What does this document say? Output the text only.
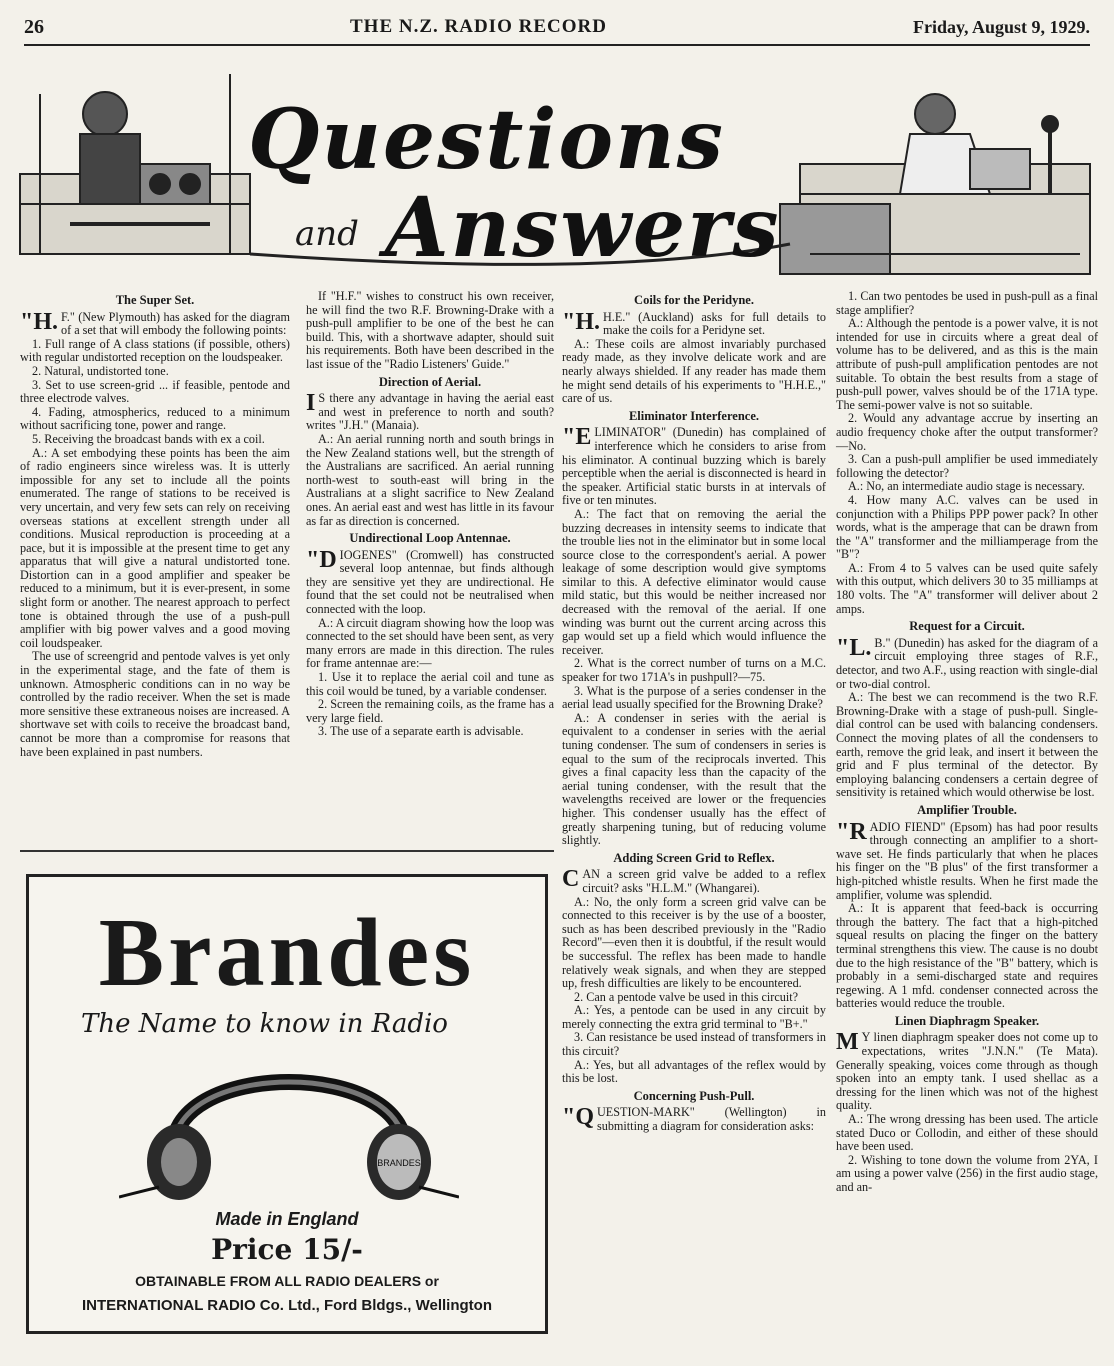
26	THE N.Z. RADIO RECORD	Friday, August 9, 1929.
Questions
and Answers
The Super Set.

"H. F." (New Plymouth) has asked for the diagram of a set that will embody the following points:

1. Full range of A class stations (if possible, others) with regular undistorted reception on the loudspeaker.

2. Natural, undistorted tone.

3. Set to use screen-grid ... if feasible, pentode and three electrode valves.

4. Fading, atmospherics, reduced to a minimum without sacrificing tone, power and range.

5. Receiving the broadcast bands with ex a coil.

A.: A set embodying these points has been the aim of radio engineers since wireless was. It is utterly impossible for any set to include all the points enumerated. The range of stations to be received is very uncertain, and very few sets can rely on receiving overseas stations at excellent strength under all conditions. Musical reproduction is proceeding at a pace, but it is impossible at the present time to get any apparatus that will give a natural undistorted tone. Distortion can in a good amplifier and speaker be reduced to a minimum, but it is ever-present, in some slight form or another. The nearest approach to perfect tone is obtained through the use of a push-pull amplifier with big power valves and a good moving coil loudspeaker.

The use of screengrid and pentode valves is yet only in the experimental stage, and the fate of them is unknown. Atmospheric conditions can in no way be controlled by the radio receiver. When the set is made more sensitive these extraneous noises are increased. A shortwave set with coils to receive the broadcast band, cannot be more than a compromise for reasons that have been explained in past numbers.

If "H.F." wishes to construct his own receiver, he will find the two R.F. Browning-Drake with a push-pull amplifier to be one of the best he can build. This, with a shortwave adapter, should suit his requirements. Both have been described in the last issue of the "Radio Listeners' Guide."

Direction of Aerial.

I S there any advantage in having the aerial east and west in preference to north and south? writes "J.H." (Manaia).

A.: An aerial running north and south brings in the New Zealand stations well, but the strength of the Australians are sacrificed. An aerial running north-west to south-east will bring in the Australians at a slight sacrifice to New Zealand ones. An aerial east and west has little in its favour as far as direction is concerned.

Undirectional Loop Antennae.

"DIOGENES" (Cromwell) has constructed several loop antennae, but finds although they are sensitive yet they are undirectional. He found that the set could not be neutralised when connected with the loop.

A.: A circuit diagram showing how the loop was connected to the set should have been sent, as very many errors are made in this direction. The rules for frame antennae are:—

1. Use it to replace the aerial coil and tune as this coil would be tuned, by a variable condenser.

2. Screen the remaining coils, as the frame has a very large field.

3. The use of a separate earth is advisable.

Coils for the Peridyne.

"H. H.E." (Auckland) asks for full details to make the coils for a Peridyne set.

A.: These coils are almost invariably purchased ready made, as they involve delicate work and are nearly always shielded. If any reader has made them he might send details of his experiments to "H.H.E.," care of us.

Eliminator Interference.

"ELIMINATOR" (Dunedin) has complained of interference which he considers to arise from his eliminator. A continual buzzing which is barely perceptible when the aerial is disconnected is heard in the speaker. Artificial static bursts in at intervals of five or ten minutes.

A.: The fact that on removing the aerial the buzzing decreases in intensity seems to indicate that the trouble lies not in the eliminator but in some local source close to the correspondent's aerial. A power leakage of some description would give symptoms similar to this. A defective eliminator would cause mild static, but this would be neither increased nor decreased with the removal of the aerial. If one winding was burnt out the current arcing across this gap would set up a field which would influence the receiver.

2. What is the correct number of turns on a M.C. speaker for two 171A's in pushpull?—75.

3. What is the purpose of a series condenser in the aerial lead usually specified for the Browning Drake?

A.: A condenser in series with the aerial is equivalent to a condenser in series with the aerial tuning condenser. The sum of condensers in series is equal to the sum of the reciprocals inverted. This gives a final capacity less than the capacity of the aerial tuning condenser, with the result that the wavelengths received are lower or the frequencies higher. This condenser usually has the effect of greatly sharpening tuning, but of reducing volume slightly.

Adding Screen Grid to Reflex.

CAN a screen grid valve be added to a reflex circuit? asks "H.L.M." (Whangarei).

A.: No, the only form a screen grid valve can be connected to this receiver is by the use of a booster, such as has been described previously in the "Radio Record"—even then it is doubtful, if the result would be successful. The reflex has been made to handle relatively weak signals, and when they are stepped up, fresh difficulties are likely to be encountered.

2. Can a pentode valve be used in this circuit?

A.: Yes, a pentode can be used in any circuit by merely connecting the extra grid terminal to "B+."

3. Can resistance be used instead of transformers in this circuit?

A.: Yes, but all advantages of the reflex would by this be lost.

Concerning Push-Pull.

"QUESTION-MARK" (Wellington) in submitting a diagram for consideration asks:

1. Can two pentodes be used in push-pull as a final stage amplifier?

A.: Although the pentode is a power valve, it is not intended for use in circuits where a great deal of volume has to be delivered, and as this is the main attribute of push-pull amplification pentodes are not suitable. To obtain the best results from a stage of push-pull power, valves should be of the 171A type. The semi-power valve is not so suitable.

2. Would any advantage accrue by inserting an audio frequency choke after the output transformer?—No.

3. Can a push-pull amplifier be used immediately following the detector?

A.: No, an intermediate audio stage is necessary.

4. How many A.C. valves can be used in conjunction with a Philips PPP power pack? In other words, what is the amperage that can be drawn from the "A" transformer and the milliamperage from the "B"?

A.: From 4 to 5 valves can be used quite safely with this output, which delivers 30 to 35 milliamps at 180 volts. The "A" transformer will deliver about 2 amps.

Request for a Circuit.

"L. B." (Dunedin) has asked for the diagram of a circuit employing three stages of R.F., detector, and two A.F., using reaction with single-dial or two-dial control.

A.: The best we can recommend is the two R.F. Browning-Drake with a stage of push-pull. Single-dial control can be used with balancing condensers. Connect the moving plates of all the condensers to earth, remove the grid leak, and insert it between the grid and F plus terminal of the detector. By employing balancing condensers a certain degree of sensitivity is retained which would otherwise be lost.

Amplifier Trouble.

"RADIO FIEND" (Epsom) has had poor results through connecting an amplifier to a short-wave set. He finds particularly that when he places his finger on the "B plus" of the first transformer a high-pitched whistle results. When he first made the amplifier, volume was splendid.

A.: It is apparent that feed-back is occurring through the battery. The fact that a high-pitched squeal results on placing the finger on the battery terminal strengthens this view. The cause is no doubt due to the high resistance of the "B" battery, which is probably in a semi-discharged state and requires regewing. A 1 mfd. condenser connected across the batteries would reduce the trouble.

Linen Diaphragm Speaker.

M Y linen diaphragm speaker does not come up to expectations, writes "J.N.N." (Te Mata). Generally speaking, voices come through as though spoken into an empty tank. I used shellac as a dressing for the linen which was not of the highest quality.

A.: The wrong dressing has been used. The article stated Duco or Collodin, and either of these should have been used.

2. Wishing to tone down the volume from 2YA, I am using a power valve (256) in the first audio stage, and an-

Brandes
The Name to know in Radio
BRANDES
Made in England
Price 15/-
OBTAINABLE FROM ALL RADIO DEALERS or
INTERNATIONAL RADIO Co. Ltd., Ford Bldgs., Wellington
